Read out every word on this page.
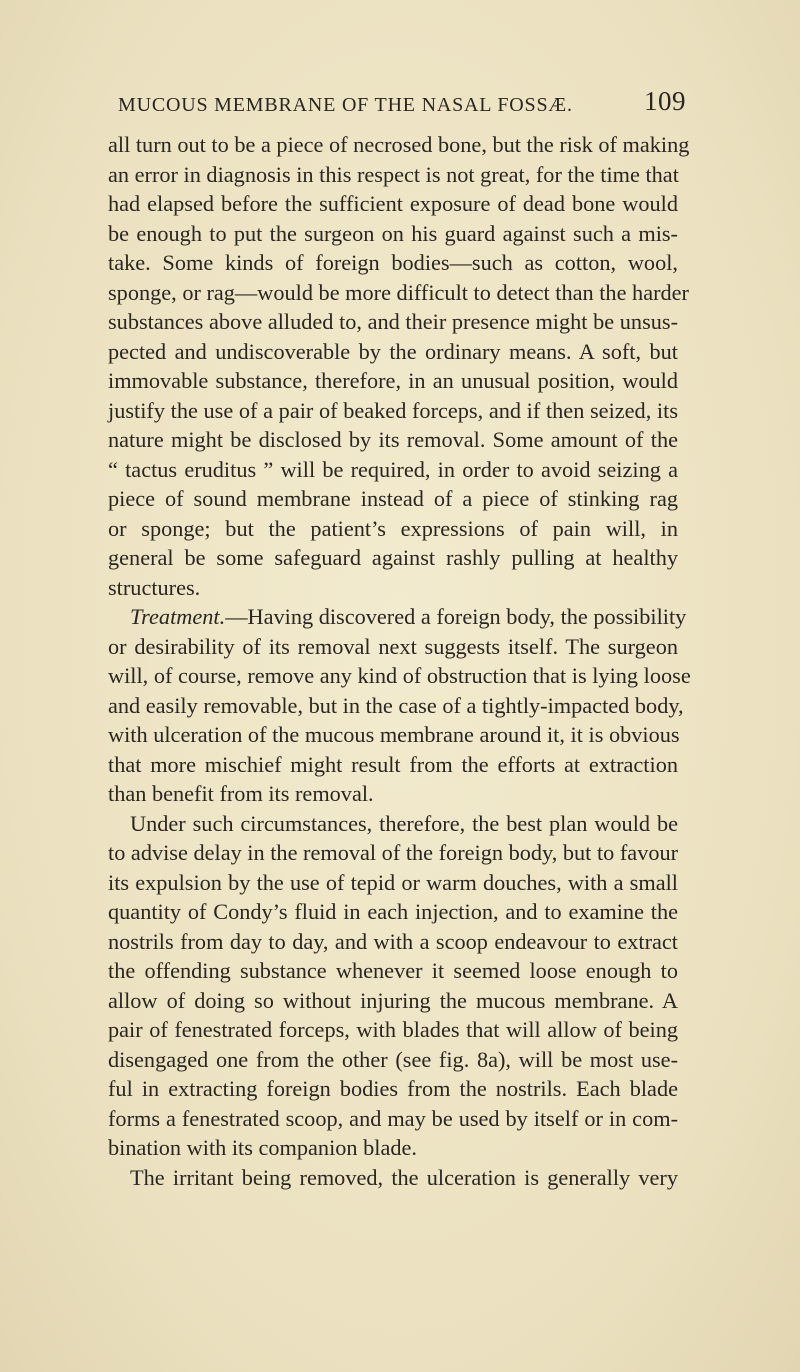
MUCOUS MEMBRANE OF THE NASAL FOSSÆ.	109
all turn out to be a piece of necrosed bone, but the risk of making
an error in diagnosis in this respect is not great, for the time that
had elapsed before the sufficient exposure of dead bone would
be enough to put the surgeon on his guard against such a mis-
take. Some kinds of foreign bodies—such as cotton, wool,
sponge, or rag—would be more difficult to detect than the harder
substances above alluded to, and their presence might be unsus-
pected and undiscoverable by the ordinary means. A soft, but
immovable substance, therefore, in an unusual position, would
justify the use of a pair of beaked forceps, and if then seized, its
nature might be disclosed by its removal. Some amount of the
“ tactus eruditus ” will be required, in order to avoid seizing a
piece of sound membrane instead of a piece of stinking rag
or sponge; but the patient’s expressions of pain will, in
general be some safeguard against rashly pulling at healthy
structures.
Treatment.—Having discovered a foreign body, the possibility
or desirability of its removal next suggests itself. The surgeon
will, of course, remove any kind of obstruction that is lying loose
and easily removable, but in the case of a tightly-impacted body,
with ulceration of the mucous membrane around it, it is obvious
that more mischief might result from the efforts at extraction
than benefit from its removal.
Under such circumstances, therefore, the best plan would be
to advise delay in the removal of the foreign body, but to favour
its expulsion by the use of tepid or warm douches, with a small
quantity of Condy’s fluid in each injection, and to examine the
nostrils from day to day, and with a scoop endeavour to extract
the offending substance whenever it seemed loose enough to
allow of doing so without injuring the mucous membrane. A
pair of fenestrated forceps, with blades that will allow of being
disengaged one from the other (see fig. 8a), will be most use-
ful in extracting foreign bodies from the nostrils. Each blade
forms a fenestrated scoop, and may be used by itself or in com-
bination with its companion blade.
The irritant being removed, the ulceration is generally very
